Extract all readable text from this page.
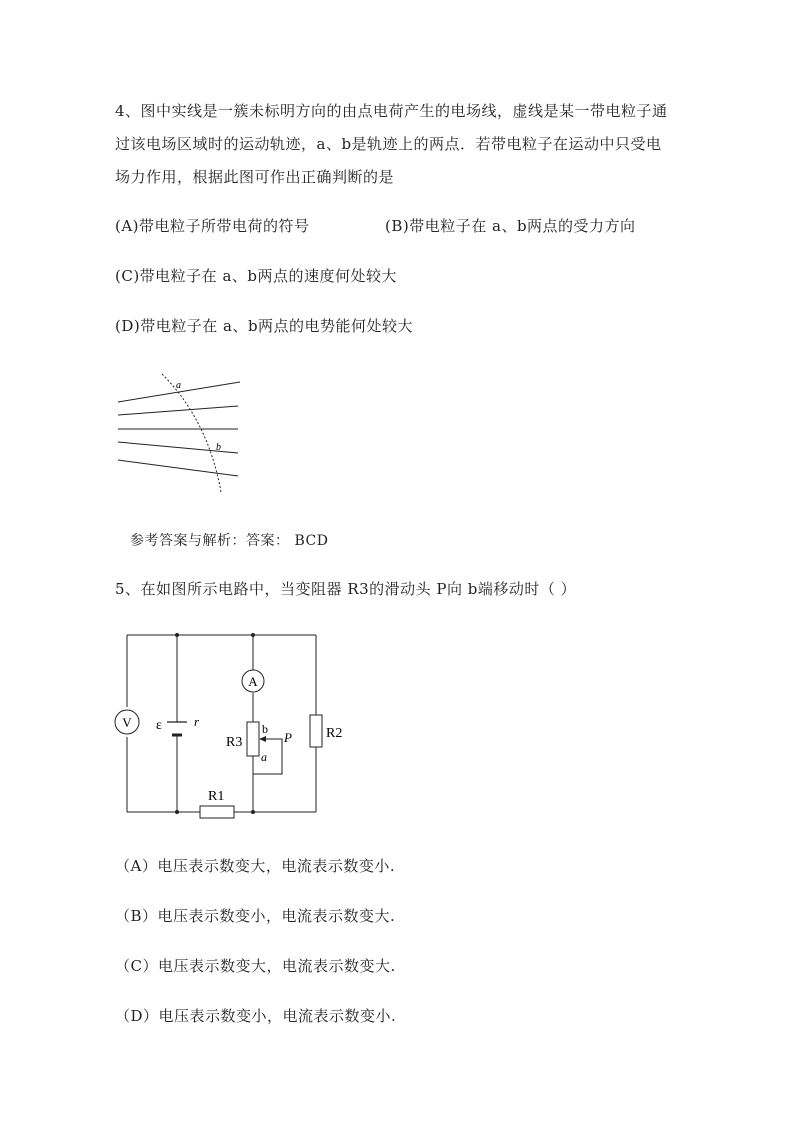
4、图中实线是一簇未标明方向的由点电荷产生的电场线，虚线是某一带电粒子通
过该电场区域时的运动轨迹，a、b是轨迹上的两点．若带电粒子在运动中只受电
场力作用，根据此图可作出正确判断的是
(A)带电粒子所带电荷的符号	(B)带电粒子在 a、b两点的受力方向
(C)带电粒子在 a、b两点的速度何处较大
(D)带电粒子在 a、b两点的电势能何处较大
a
b
参考答案与解析：答案： BCD
5、在如图所示电路中，当变阻器 R3的滑动头 P向 b端移动时（ ）
V
A
ε r
R3
b
a
P R2
R1
（A）电压表示数变大，电流表示数变小.
（B）电压表示数变小，电流表示数变大.
（C）电压表示数变大，电流表示数变大.
（D）电压表示数变小，电流表示数变小.
